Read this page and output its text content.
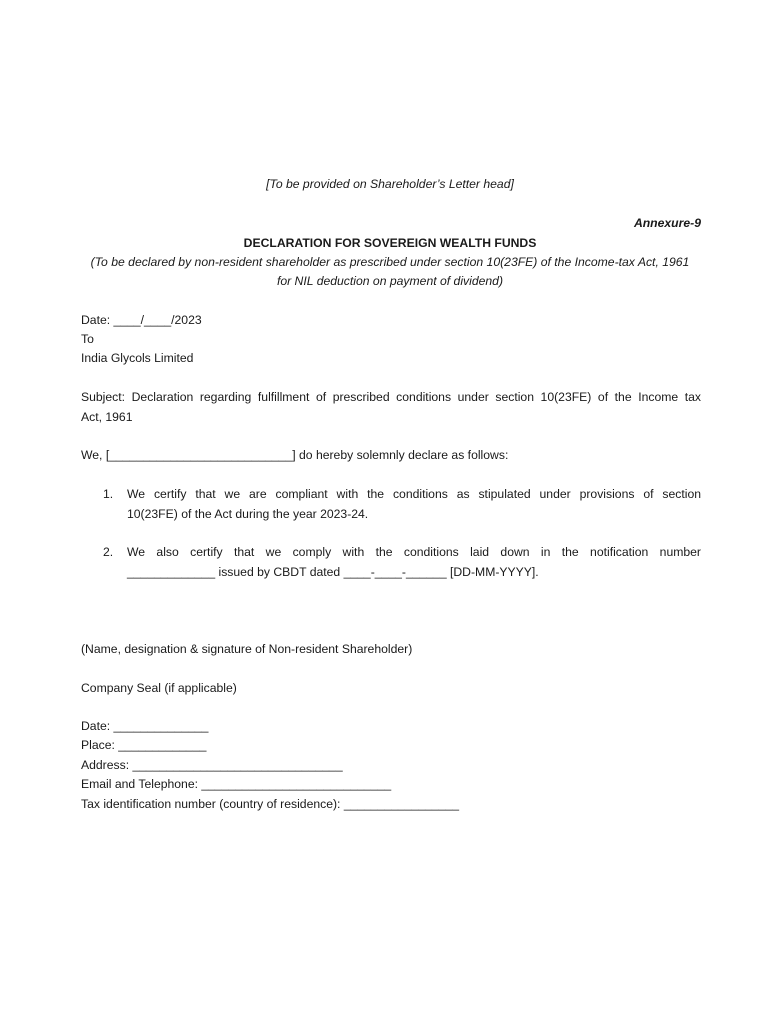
[To be provided on Shareholder’s Letter head]
Annexure-9
DECLARATION FOR SOVEREIGN WEALTH FUNDS
(To be declared by non-resident shareholder as prescribed under section 10(23FE) of the Income-tax Act, 1961
for NIL deduction on payment of dividend)
Date: ____/____/2023
To
India Glycols Limited
Subject: Declaration regarding fulfillment of prescribed conditions under section 10(23FE) of the Income tax
Act, 1961
We, [___________________________] do hereby solemnly declare as follows:
1. We certify that we are compliant with the conditions as stipulated under provisions of section
10(23FE) of the Act during the year 2023-24.
2. We also certify that we comply with the conditions laid down in the notification number
_____________ issued by CBDT dated ____-____-______ [DD-MM-YYYY].
(Name, designation & signature of Non-resident Shareholder)
Company Seal (if applicable)
Date: ______________
Place: _____________
Address: _______________________________
Email and Telephone: ____________________________
Tax identification number (country of residence): _________________
